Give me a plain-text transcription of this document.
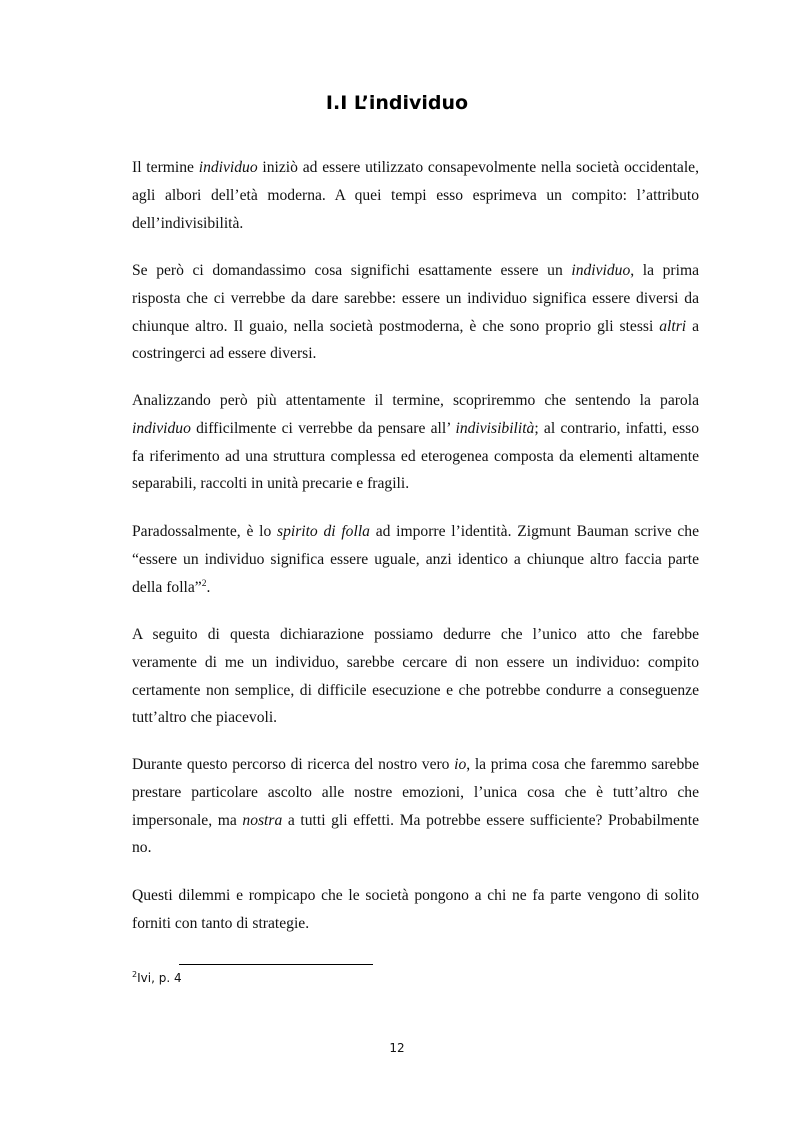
I.I L’individuo

Il termine individuo iniziò ad essere utilizzato consapevolmente nella società occidentale, agli albori dell’età moderna. A quei tempi esso esprimeva un compito: l’attributo dell’indivisibilità.

Se però ci domandassimo cosa significhi esattamente essere un individuo, la prima risposta che ci verrebbe da dare sarebbe: essere un individuo significa essere diversi da chiunque altro. Il guaio, nella società postmoderna, è che sono proprio gli stessi altri a costringerci ad essere diversi.

Analizzando però più attentamente il termine, scopriremmo che sentendo la parola individuo difficilmente ci verrebbe da pensare all’ indivisibilità; al contrario, infatti, esso fa riferimento ad una struttura complessa ed eterogenea composta da elementi altamente separabili, raccolti in unità precarie e fragili.

Paradossalmente, è lo spirito di folla ad imporre l’identità. Zigmunt Bauman scrive che “essere un individuo significa essere uguale, anzi identico a chiunque altro faccia parte della folla”$^2$.

A seguito di questa dichiarazione possiamo dedurre che l’unico atto che farebbe veramente di me un individuo, sarebbe cercare di non essere un individuo: compito certamente non semplice, di difficile esecuzione e che potrebbe condurre a conseguenze tutt’altro che piacevoli.

Durante questo percorso di ricerca del nostro vero io, la prima cosa che faremmo sarebbe prestare particolare ascolto alle nostre emozioni, l’unica cosa che è tutt’altro che impersonale, ma nostra a tutti gli effetti. Ma potrebbe essere sufficiente? Probabilmente no.

Questi dilemmi e rompicapo che le società pongono a chi ne fa parte vengono di solito forniti con tanto di strategie.

$^2$Ivi, p. 4

12
